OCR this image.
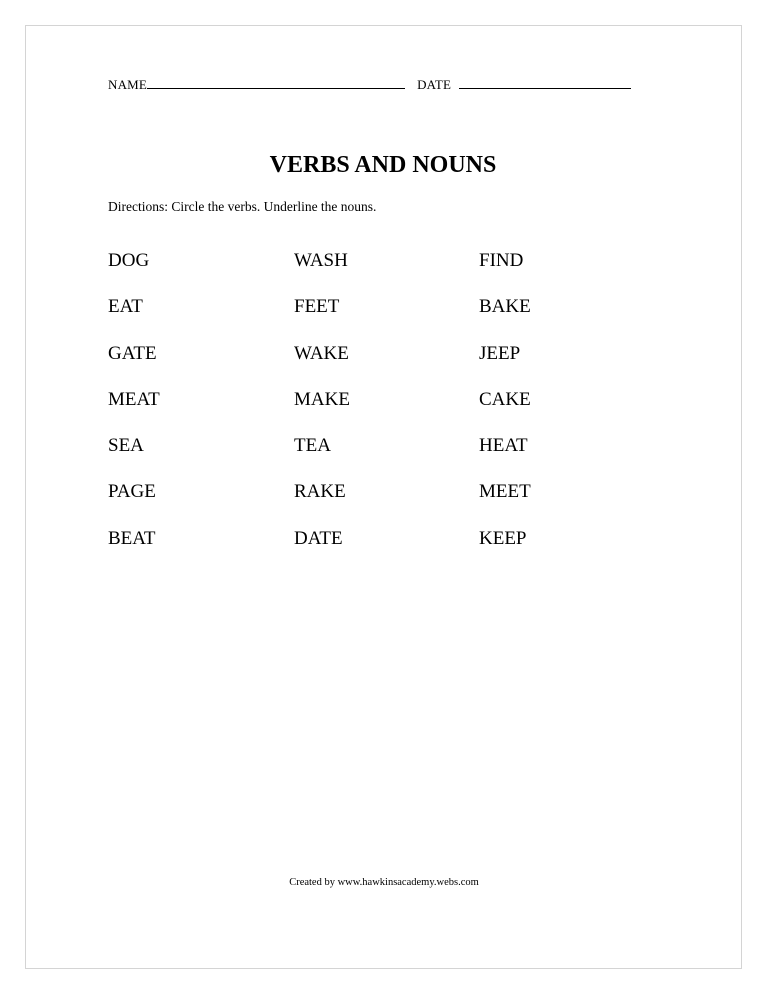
NAME	DATE
VERBS AND NOUNS
Directions: Circle the verbs. Underline the nouns.
DOG	WASH	FIND
EAT	FEET	BAKE
GATE	WAKE	JEEP
MEAT	MAKE	CAKE
SEA	TEA	HEAT
PAGE	RAKE	MEET
BEAT	DATE	KEEP
Created by www.hawkinsacademy.webs.com
